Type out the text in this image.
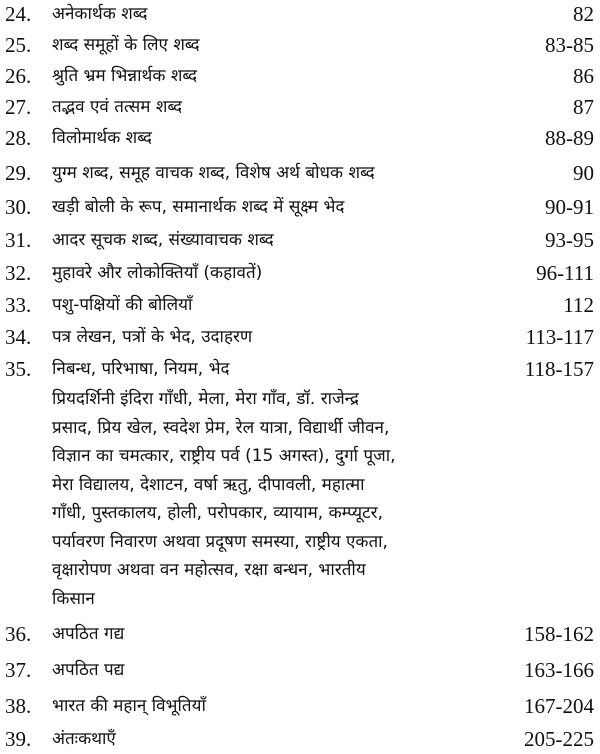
24. अनेकार्थक शब्द	82
25. शब्द समूहों के लिए शब्द	83-85
26. श्रुति भ्रम भिन्नार्थक शब्द	86
27. तद्भव एवं तत्सम शब्द	87
28. विलोमार्थक शब्द	88-89
29. युग्म शब्द, समूह वाचक शब्द, विशेष अर्थ बोधक शब्द	90
30. खड़ी बोली के रूप, समानार्थक शब्द में सूक्ष्म भेद	90-91
31. आदर सूचक शब्द, संख्यावाचक शब्द	93-95
32. मुहावरे और लोकोक्तियाँ (कहावतें)	96-111
33. पशु-पक्षियों की बोलियाँ	112
34. पत्र लेखन, पत्रों के भेद, उदाहरण	113-117
35. निबन्ध, परिभाषा, नियम, भेद	118-157
प्रियदर्शिनी इंदिरा गाँधी, मेला, मेरा गाँव, डॉ. राजेन्द्र
प्रसाद, प्रिय खेल, स्वदेश प्रेम, रेल यात्रा, विद्यार्थी जीवन,
विज्ञान का चमत्कार, राष्ट्रीय पर्व (15 अगस्त), दुर्गा पूजा,
मेरा विद्यालय, देशाटन, वर्षा ऋतु, दीपावली, महात्मा
गाँधी, पुस्तकालय, होली, परोपकार, व्यायाम, कम्प्यूटर,
पर्यावरण निवारण अथवा प्रदूषण समस्या, राष्ट्रीय एकता,
वृक्षारोपण अथवा वन महोत्सव, रक्षा बन्धन, भारतीय
किसान
36. अपठित गद्य	158-162
37. अपठित पद्य	163-166
38. भारत की महान् विभूतियाँ	167-204
39. अंतःकथाएँ	205-225
